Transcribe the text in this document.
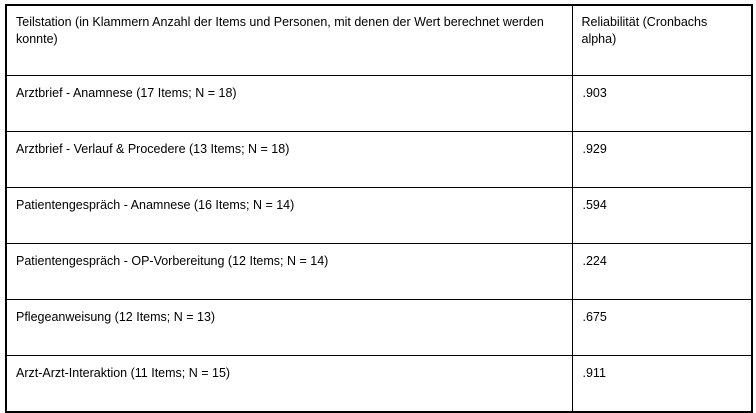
Teilstation (in Klammern Anzahl der Items und Personen, mit denen der Wert berechnet werden konnte)	Reliabilität (Cronbachs alpha)

Arztbrief - Anamnese (17 Items; N = 18)	.903

Arztbrief - Verlauf & Procedere (13 Items; N = 18)	.929

Patientengespräch - Anamnese (16 Items; N = 14)	.594

Patientengespräch - OP-Vorbereitung (12 Items; N = 14)	.224

Pflegeanweisung (12 Items; N = 13)	.675

Arzt-Arzt-Interaktion (11 Items; N = 15)	.911
